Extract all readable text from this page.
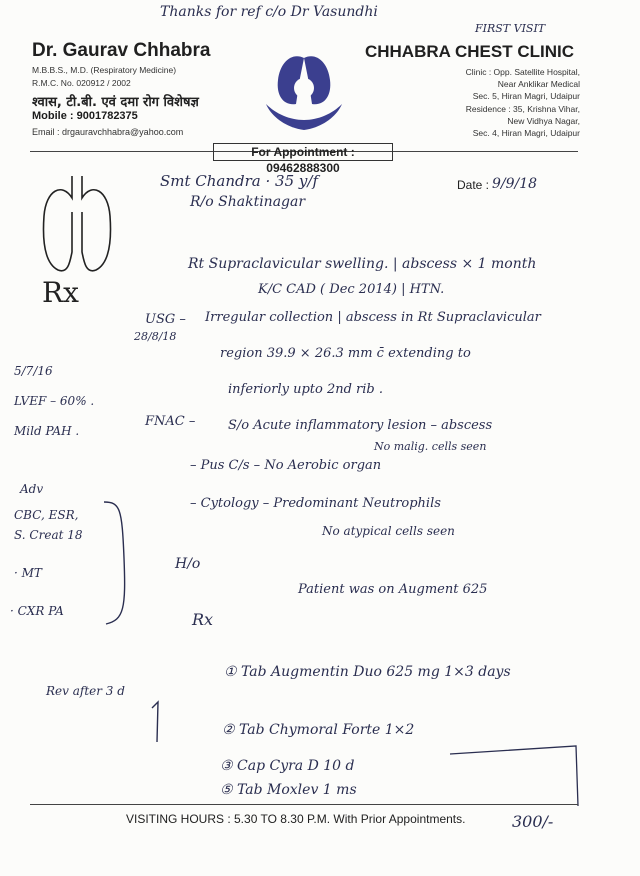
Thanks for ref c/o Dr Vasundhi
FIRST VISIT
Dr. Gaurav Chhabra
M.B.B.S., M.D. (Respiratory Medicine)
R.M.C. No. 020912 / 2002
श्वास, टी.बी. एवं दमा रोग विशेषज्ञ
Mobile : 9001782375
Email : drgauravchhabra@yahoo.com
CHHABRA CHEST CLINIC
Clinic : Opp. Satellite Hospital,
Near Anklikar Medical
Sec. 5, Hiran Magri, Udaipur
Residence : 35, Krishna Vihar,
New Vidhya Nagar,
Sec. 4, Hiran Magri, Udaipur
For Appointment : 09462888300
Rx
Smt Chandra · 35 y/f
R/o Shaktinagar
Date : 9/9/18
Rt Supraclavicular swelling. | abscess × 1 month
K/C CAD ( Dec 2014) | HTN.
USG –
28/8/18
Irregular collection | abscess in Rt Supraclavicular
region 39.9 × 26.3 mm c̄ extending to
inferiorly upto 2nd rib .
FNAC –	S/o Acute inflammatory lesion – abscess
No malig. cells seen
– Pus C/s – No Aerobic organ
– Cytology – Predominant Neutrophils
No atypical cells seen
H/o
Patient was on Augment 625
5/7/16
LVEF – 60% .
Mild PAH .
Adv
CBC, ESR,
S. Creat 18
· MT
· CXR PA
Rev after 3 d
Rx
① Tab Augmentin Duo 625 mg 1×3 days
② Tab Chymoral Forte 1×2
③ Cap Cyra D 10 d
⑤ Tab Moxlev 1 ms
VISITING HOURS : 5.30 TO 8.30 P.M. With Prior Appointments.	300/-
